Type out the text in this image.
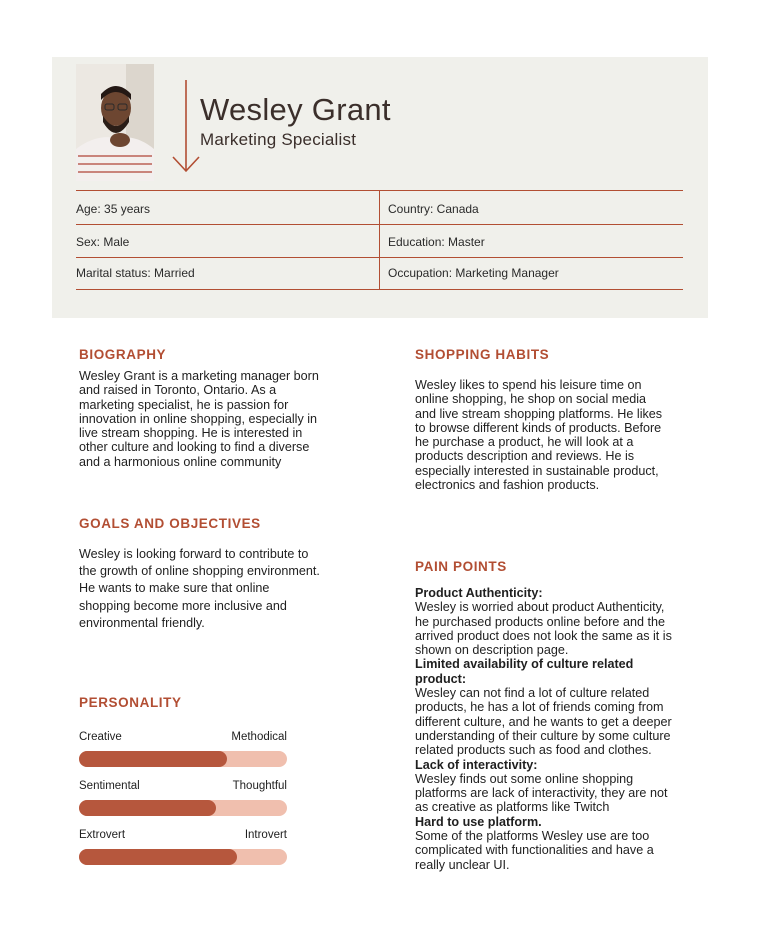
Wesley Grant
Marketing Specialist
Age: 35 years	Country: Canada
Sex: Male	Education: Master
Marital status: Married	Occupation: Marketing Manager
BIOGRAPHY
Wesley Grant is a marketing manager born and raised in Toronto, Ontario. As a marketing specialist, he is passion for innovation in online shopping, especially in live stream shopping. He is interested in other culture and looking to find a diverse and a harmonious online community
GOALS AND OBJECTIVES
Wesley is looking forward to contribute to the growth of online shopping environment. He wants to make sure that online shopping become more inclusive and environmental friendly.
PERSONALITY
Creative	Methodical
Sentimental	Thoughtful
Extrovert	Introvert
SHOPPING HABITS
Wesley likes to spend his leisure time on online shopping, he shop on social media and live stream shopping platforms. He likes to browse different kinds of products. Before he purchase a product, he will look at a products description and reviews. He is especially interested in sustainable product, electronics and fashion products.
PAIN POINTS
Product Authenticity:
Wesley is worried about product Authenticity, he purchased products online before and the arrived product does not look the same as it is shown on description page.
Limited availability of culture related product:
Wesley can not find a lot of culture related products, he has a lot of friends coming from different culture, and he wants to get a deeper understanding of their culture by some culture related products such as food and clothes.
Lack of interactivity:
Wesley finds out some online shopping platforms are lack of interactivity, they are not as creative as platforms like Twitch
Hard to use platform.
Some of the platforms Wesley use are too complicated with functionalities and have a really unclear UI.
